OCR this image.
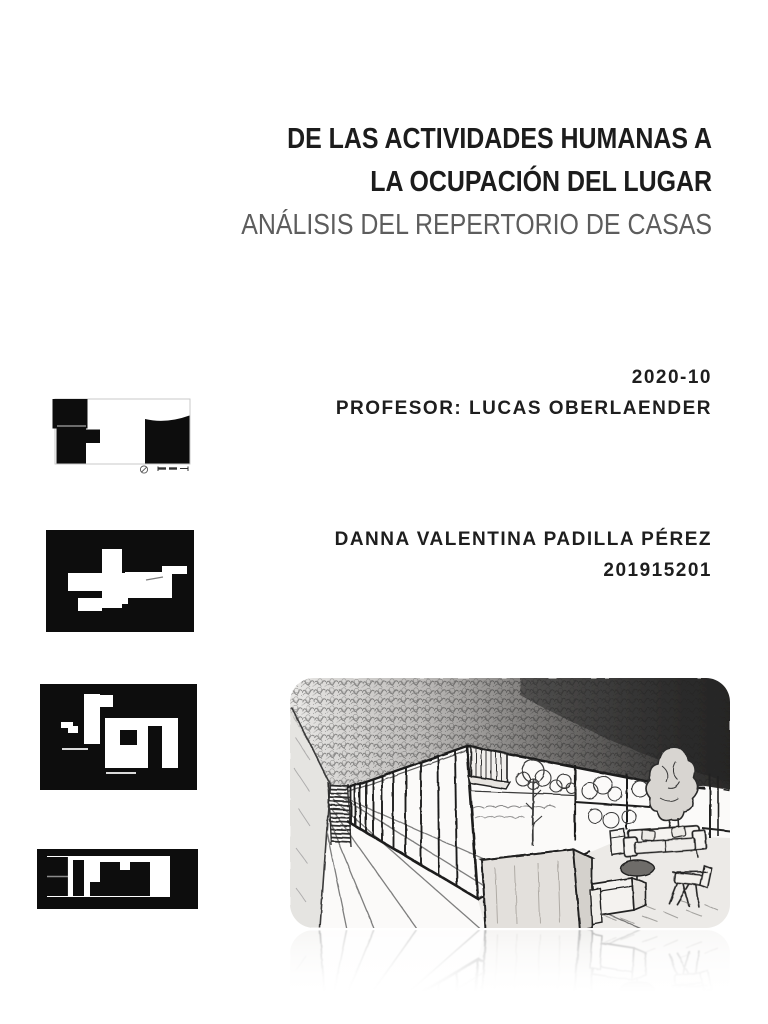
DE LAS ACTIVIDADES HUMANAS A
LA OCUPACIÓN DEL LUGAR
ANÁLISIS DEL REPERTORIO DE CASAS
2020-10
PROFESOR: LUCAS OBERLAENDER
DANNA VALENTINA PADILLA PÉREZ
201915201
